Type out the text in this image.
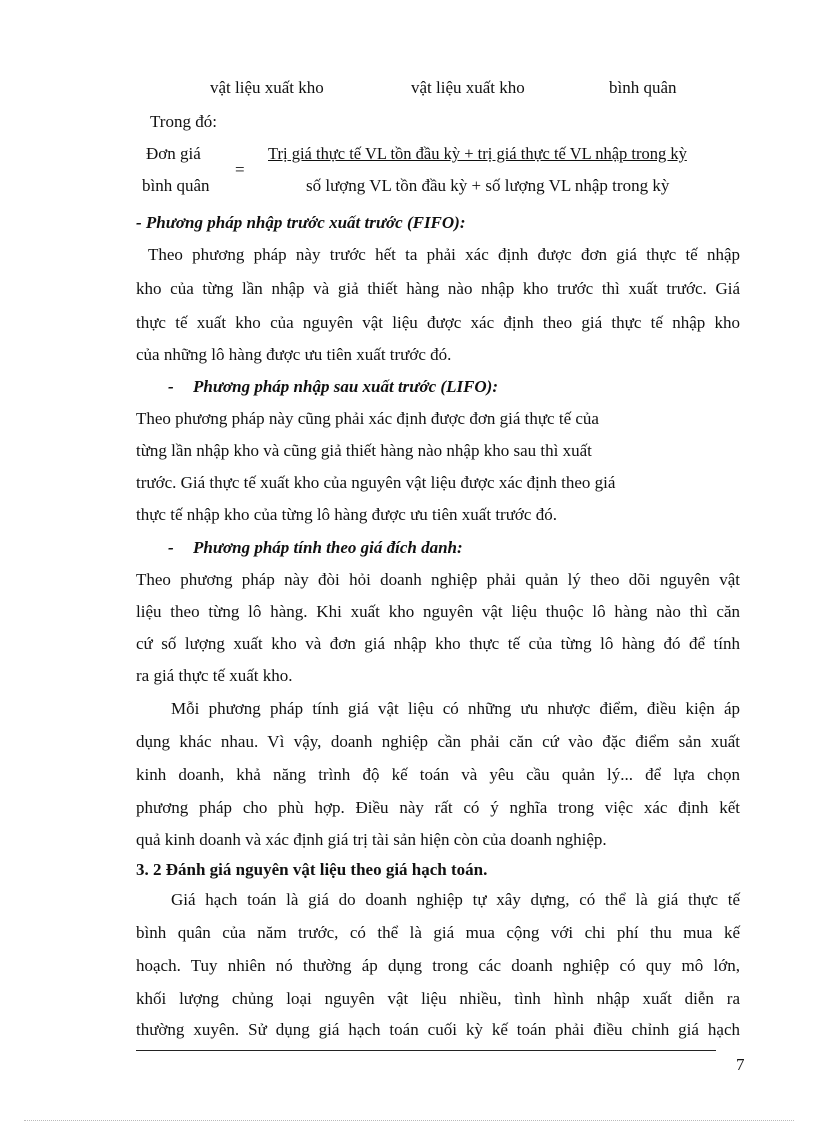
vật liệu xuất kho	vật liệu xuất kho	bình quân
Trong đó:
Đơn giá
bình quân
=
Trị giá thực tế VL tồn đầu kỳ + trị giá thực tế VL nhập trong kỳ
số lượng VL tồn đầu kỳ + số lượng VL nhập trong kỳ
- Phương pháp nhập trước xuất trước (FIFO):
Theo phương pháp này trước hết ta phải xác định được đơn giá thực tế nhập
kho của từng lần nhập và giả thiết hàng nào nhập kho trước thì xuất trước. Giá
thực tế xuất kho của nguyên vật liệu được xác định theo giá thực tế nhập kho
của những lô hàng được ưu tiên xuất trước đó.
- Phương pháp nhập sau xuất trước (LIFO):
Theo phương pháp này cũng phải xác định được đơn giá thực tế của
từng lần nhập kho và cũng giả thiết hàng nào nhập kho sau thì xuất
trước. Giá thực tế xuất kho của nguyên vật liệu được xác định theo giá
thực tế nhập kho của từng lô hàng được ưu tiên xuất trước đó.
- Phương pháp tính theo giá đích danh:
Theo phương pháp này đòi hỏi doanh nghiệp phải quản lý theo dõi nguyên vật
liệu theo từng lô hàng. Khi xuất kho nguyên vật liệu thuộc lô hàng nào thì căn
cứ số lượng xuất kho và đơn giá nhập kho thực tế của từng lô hàng đó để tính
ra giá thực tế xuất kho.
Mỗi phương pháp tính giá vật liệu có những ưu nhược điểm, điều kiện áp
dụng khác nhau. Vì vậy, doanh nghiệp cần phải căn cứ vào đặc điểm sản xuất
kinh doanh, khả năng trình độ kế toán và yêu cầu quản lý... để lựa chọn
phương pháp cho phù hợp. Điều này rất có ý nghĩa trong việc xác định kết
quả kinh doanh và xác định giá trị tài sản hiện còn của doanh nghiệp.
3. 2 Đánh giá nguyên vật liệu theo giá hạch toán.
Giá hạch toán là giá do doanh nghiệp tự xây dựng, có thể là giá thực tế
bình quân của năm trước, có thể là giá mua cộng với chi phí thu mua kế
hoạch. Tuy nhiên nó thường áp dụng trong các doanh nghiệp có quy mô lớn,
khối lượng chủng loại nguyên vật liệu nhiều, tình hình nhập xuất diễn ra
thường xuyên. Sử dụng giá hạch toán cuối kỳ kế toán phải điều chỉnh giá hạch
7
